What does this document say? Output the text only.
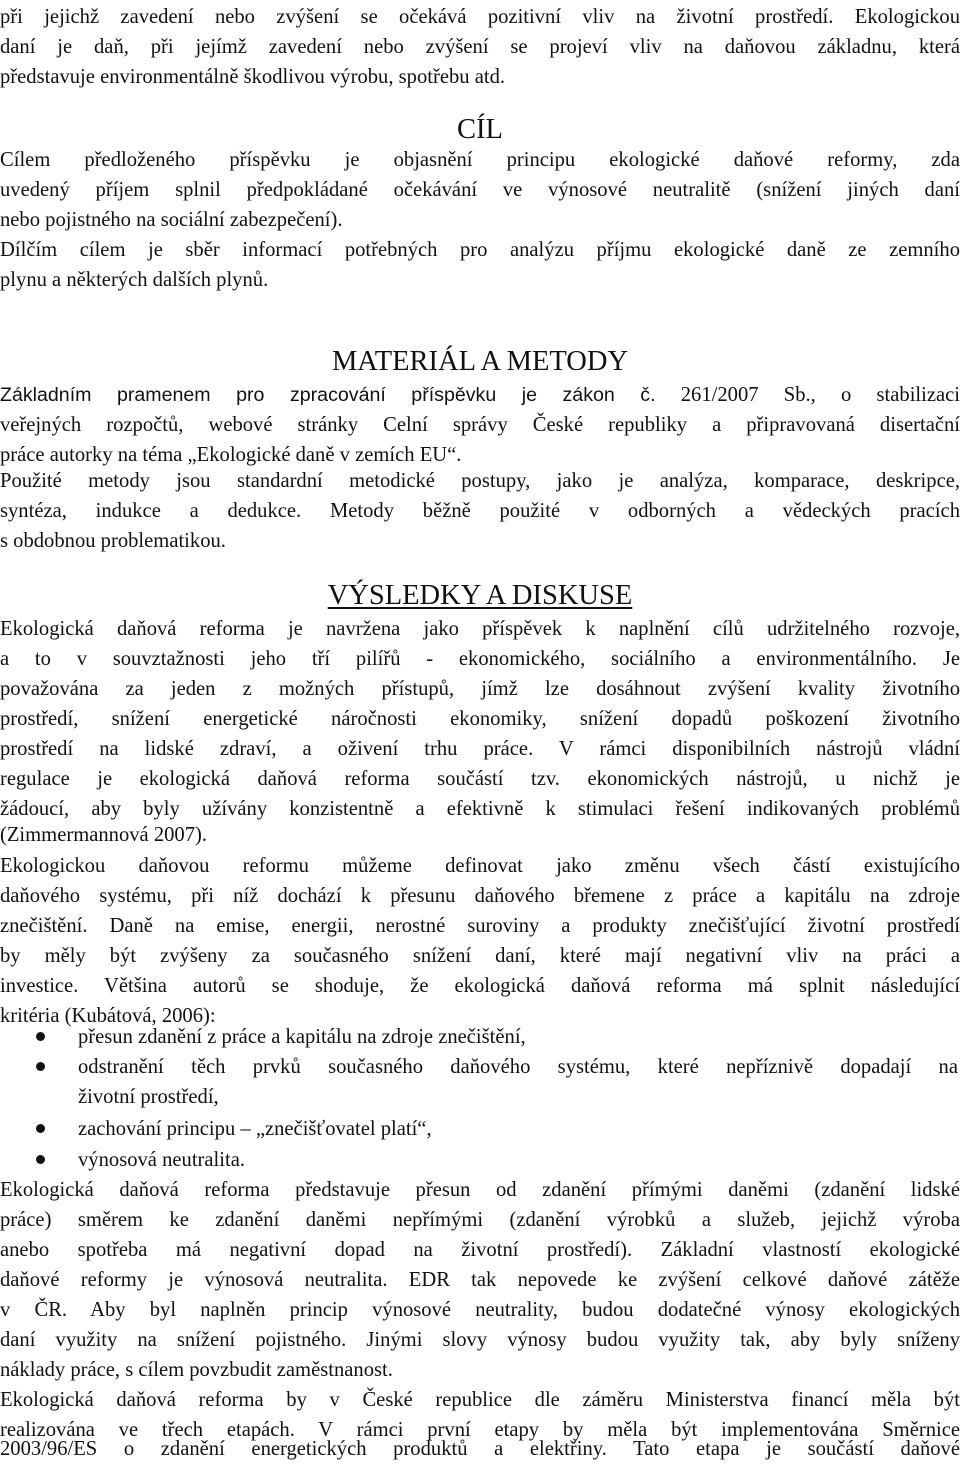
při jejichž zavedení nebo zvýšení se očekává pozitivní vliv na životní prostředí. Ekologickou
daní je daň, při jejímž zavedení nebo zvýšení se projeví vliv na daňovou základnu, která
představuje environmentálně škodlivou výrobu, spotřebu atd.
CÍL
Cílem předloženého příspěvku je objasnění principu ekologické daňové reformy, zda
uvedený příjem splnil předpokládané očekávání ve výnosové neutralitě (snížení jiných daní
nebo pojistného na sociální zabezpečení).
Dílčím cílem je sběr informací potřebných pro analýzu příjmu ekologické daně ze zemního
plynu a některých dalších plynů.
MATERIÁL A METODY
Základním pramenem pro zpracování příspěvku je zákon č. 261/2007 Sb., o stabilizaci
veřejných rozpočtů, webové stránky Celní správy České republiky a připravovaná disertační
práce autorky na téma „Ekologické daně v zemích EU“.
Použité metody jsou standardní metodické postupy, jako je analýza, komparace, deskripce,
syntéza, indukce a dedukce. Metody běžně použité v odborných a vědeckých pracích
s obdobnou problematikou.
VÝSLEDKY A DISKUSE
Ekologická daňová reforma je navržena jako příspěvek k naplnění cílů udržitelného rozvoje,
a to v souvztažnosti jeho tří pilířů - ekonomického, sociálního a environmentálního. Je
považována za jeden z možných přístupů, jímž lze dosáhnout zvýšení kvality životního
prostředí, snížení energetické náročnosti ekonomiky, snížení dopadů poškození životního
prostředí na lidské zdraví, a oživení trhu práce. V rámci disponibilních nástrojů vládní
regulace je ekologická daňová reforma součástí tzv. ekonomických nástrojů, u nichž je
žádoucí, aby byly užívány konzistentně a efektivně k stimulaci řešení indikovaných problémů
(Zimmermannová 2007).
Ekologickou daňovou reformu můžeme definovat jako změnu všech částí existujícího
daňového systému, při níž dochází k přesunu daňového břemene z práce a kapitálu na zdroje
znečištění. Daně na emise, energii, nerostné suroviny a produkty znečišťující životní prostředí
by měly být zvýšeny za současného snížení daní, které mají negativní vliv na práci a
investice. Většina autorů se shoduje, že ekologická daňová reforma má splnit následující
kritéria (Kubátová, 2006):
přesun zdanění z práce a kapitálu na zdroje znečištění,
odstranění těch prvků současného daňového systému, které nepříznivě dopadají na
životní prostředí,
zachování principu – „znečišťovatel platí“,
výnosová neutralita.
Ekologická daňová reforma představuje přesun od zdanění přímými daněmi (zdanění lidské
práce) směrem ke zdanění daněmi nepřímými (zdanění výrobků a služeb, jejichž výroba
anebo spotřeba má negativní dopad na životní prostředí). Základní vlastností ekologické
daňové reformy je výnosová neutralita. EDR tak nepovede ke zvýšení celkové daňové zátěže
v ČR. Aby byl naplněn princip výnosové neutrality, budou dodatečné výnosy ekologických
daní využity na snížení pojistného. Jinými slovy výnosy budou využity tak, aby byly sníženy
náklady práce, s cílem povzbudit zaměstnanost.
Ekologická daňová reforma by v České republice dle záměru Ministerstva financí měla být
realizována ve třech etapách. V rámci první etapy by měla být implementována Směrnice
2003/96/ES o zdanění energetických produktů a elektřiny. Tato etapa je součástí daňové
